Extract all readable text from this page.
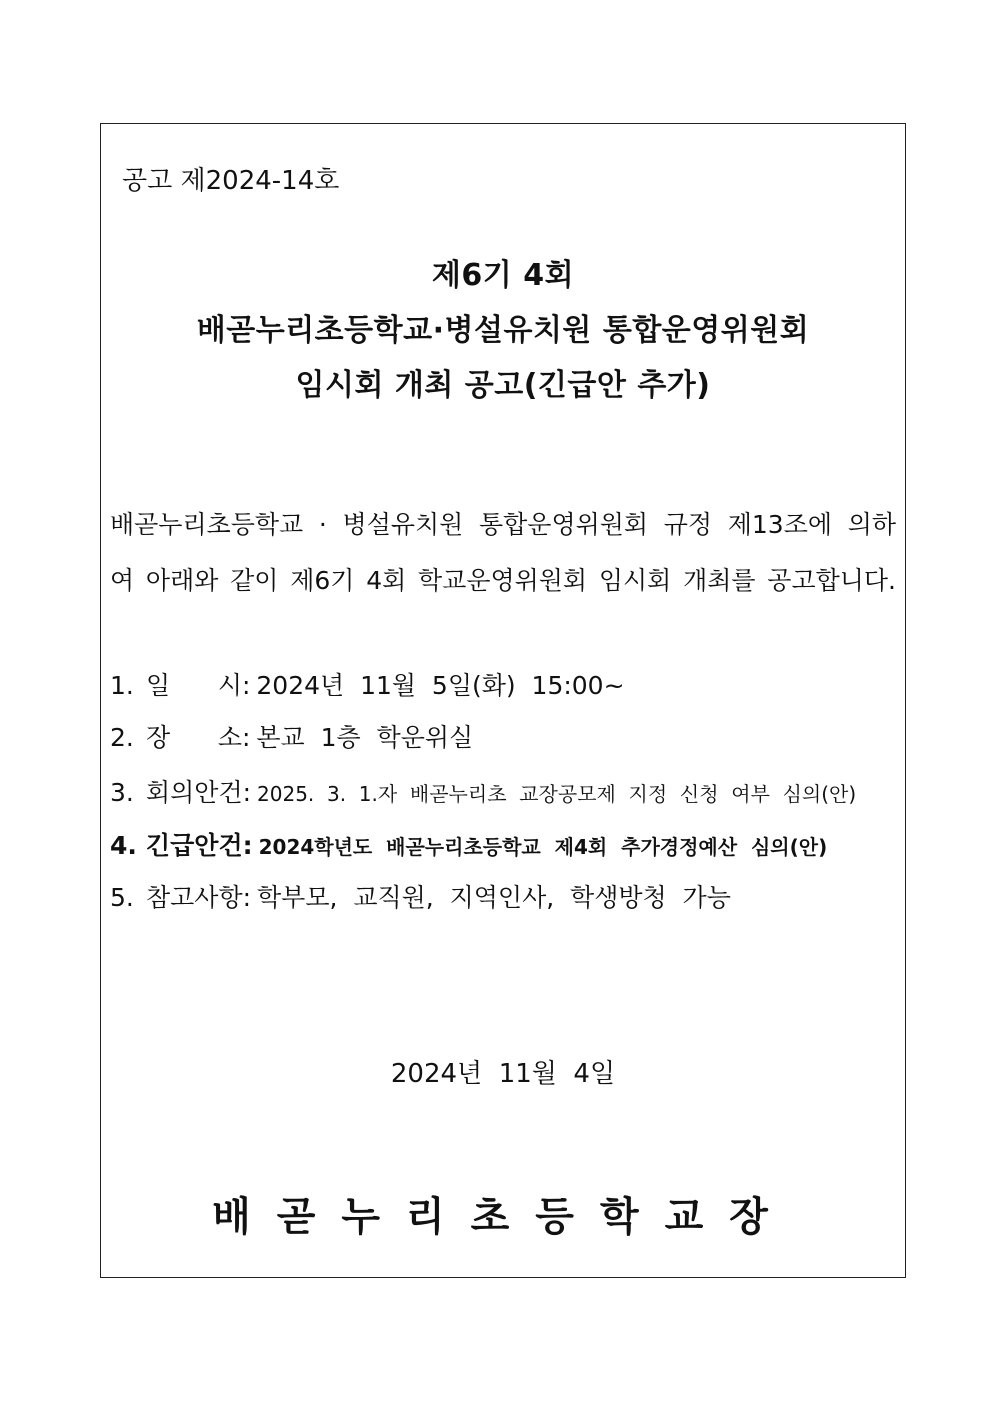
공고 제2024-14호
제6기 4회
배곧누리초등학교·병설유치원 통합운영위원회
임시회 개최 공고(긴급안 추가)
배곧누리초등학교 · 병설유치원 통합운영위원회 규정 제13조에 의하
여 아래와 같이 제6기 4회 학교운영위원회 임시회 개최를 공고합니다.
1. 일      시: 2024년  11월  5일(화)  15:00~
2. 장      소: 본교  1층  학운위실
3. 회의안건: 2025.  3.  1.자  배곧누리초  교장공모제  지정  신청  여부  심의(안)
4. 긴급안건: 2024학년도  배곧누리초등학교  제4회  추가경정예산  심의(안)
5. 참고사항: 학부모,  교직원,  지역인사,  학생방청  가능
2024년  11월  4일
배곧누리초등학교장
